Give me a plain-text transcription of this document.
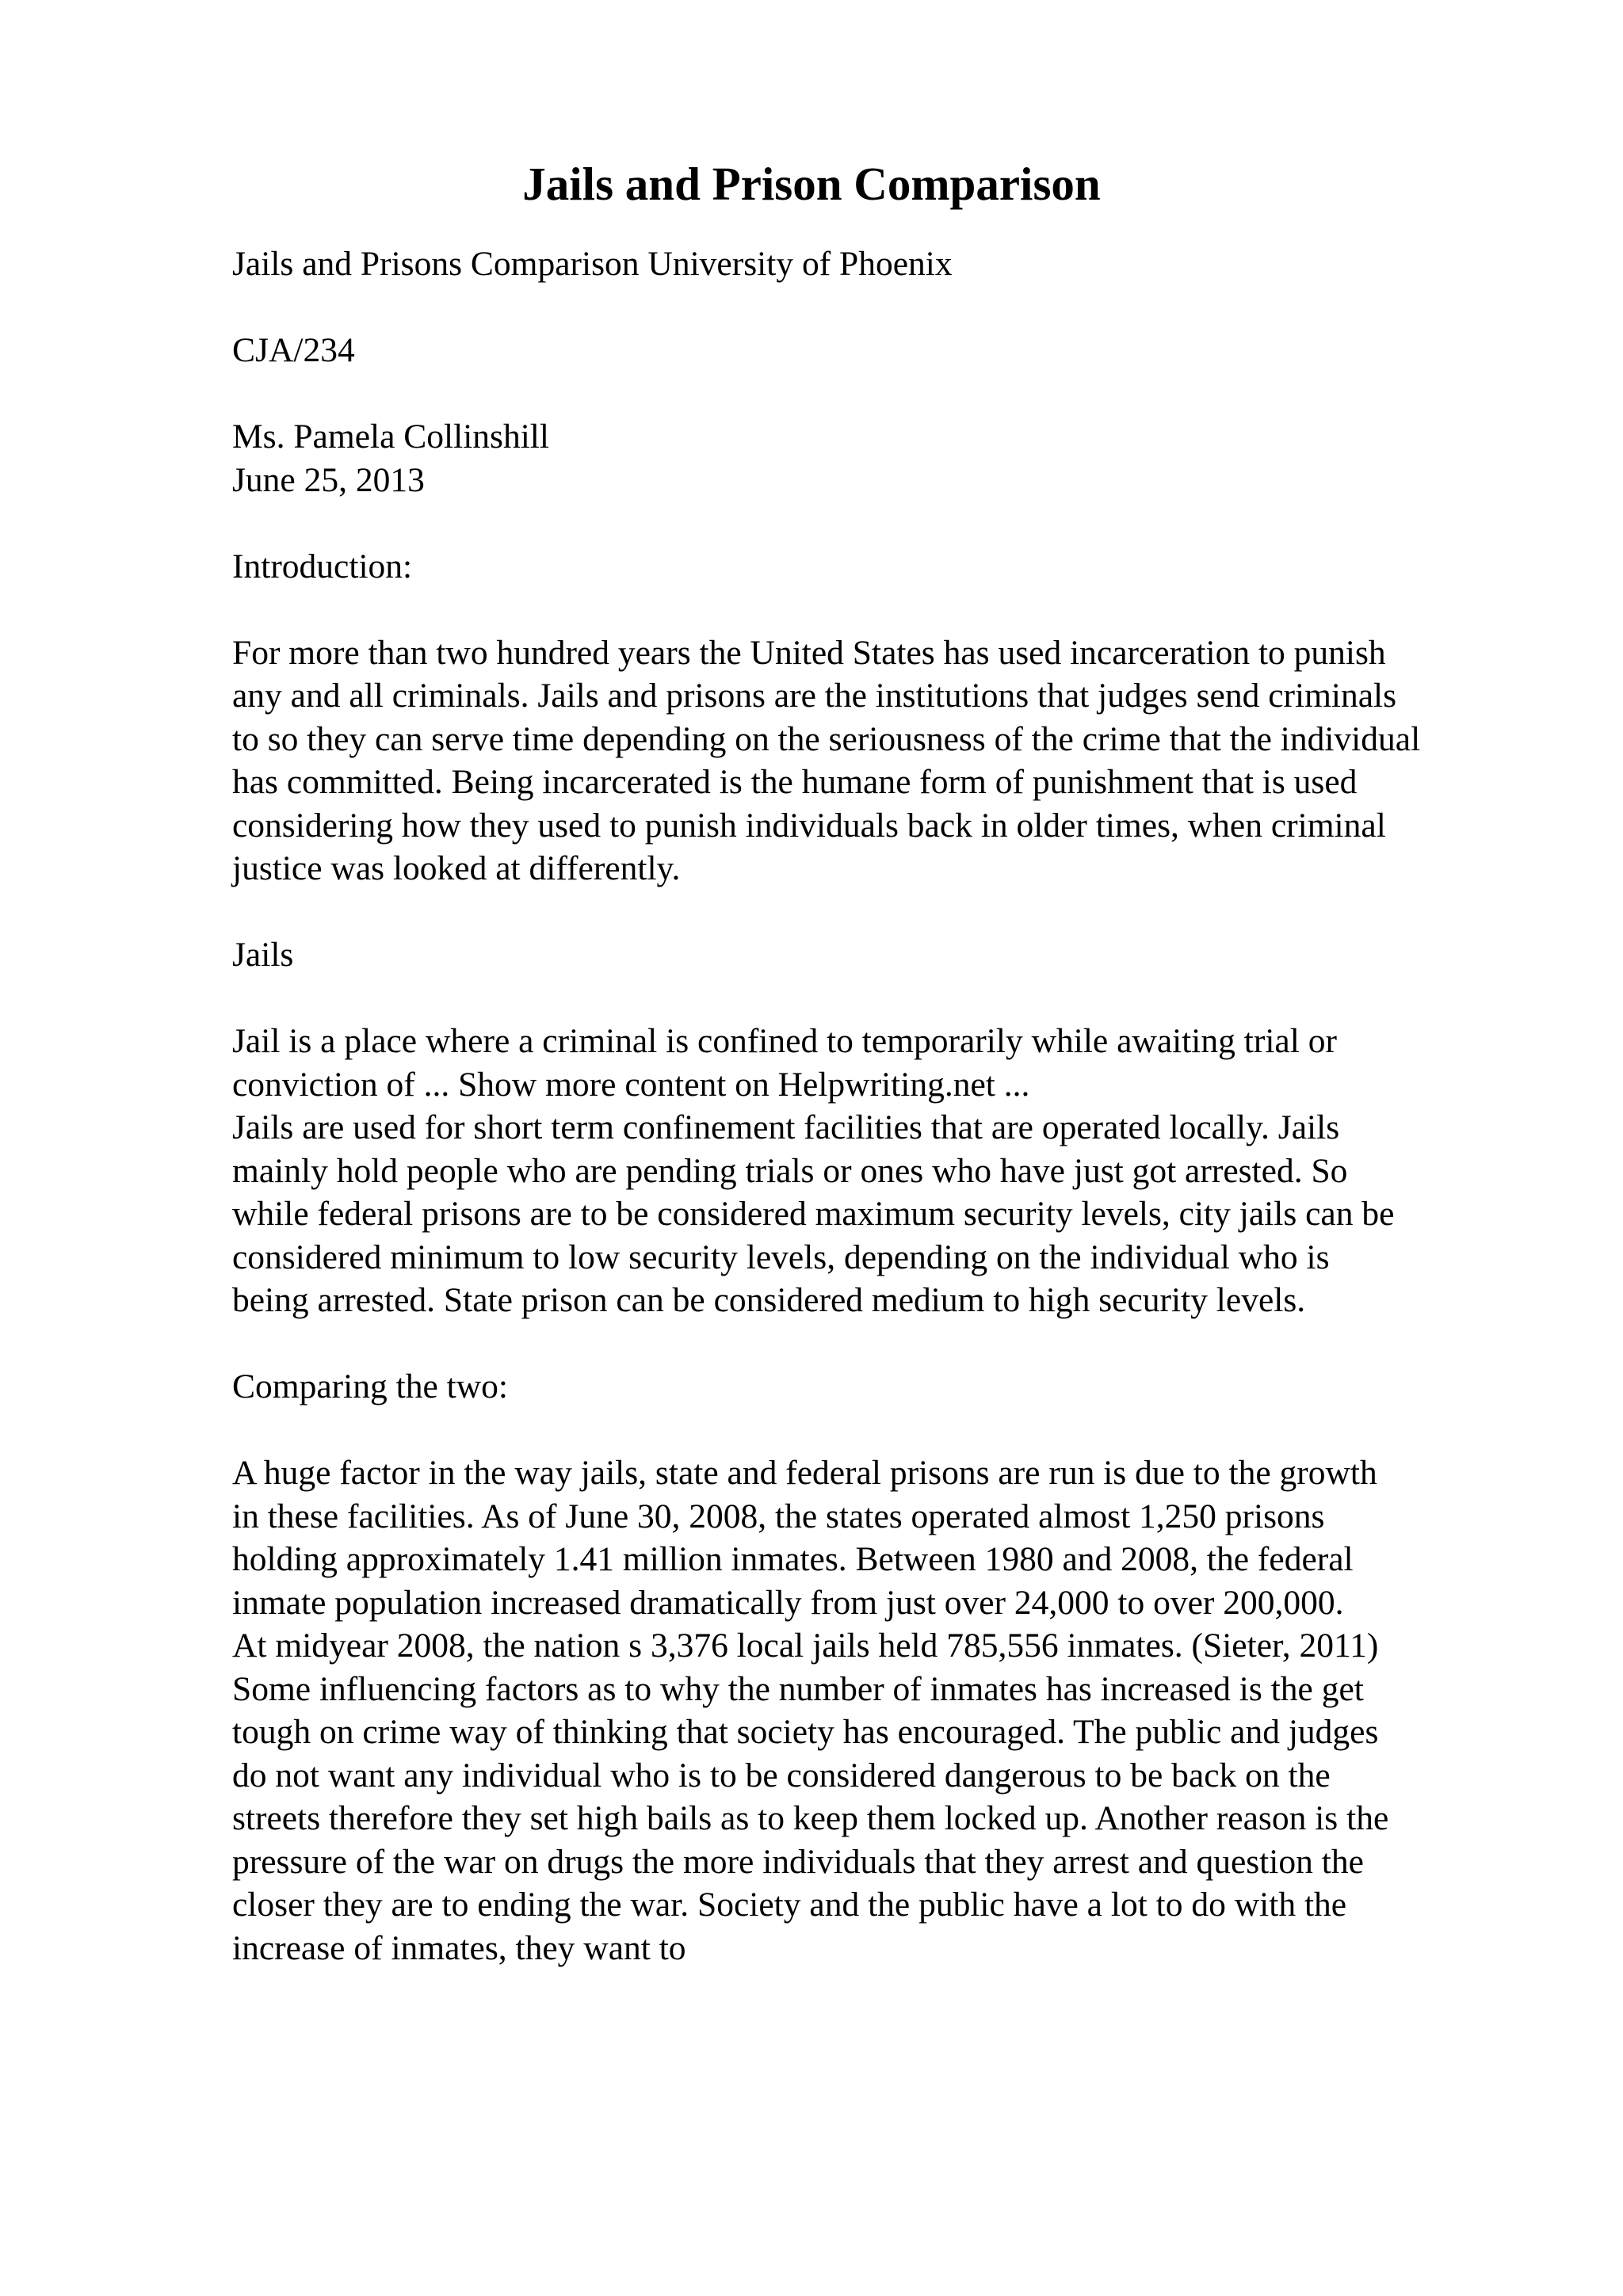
Jails and Prison Comparison

Jails and Prisons Comparison University of Phoenix

CJA/234

Ms. Pamela Collinshill

June 25, 2013

Introduction:

For more than two hundred years the United States has used incarceration to punish
any and all criminals. Jails and prisons are the institutions that judges send criminals
to so they can serve time depending on the seriousness of the crime that the individual
has committed. Being incarcerated is the humane form of punishment that is used
considering how they used to punish individuals back in older times, when criminal
justice was looked at differently.

Jails

Jail is a place where a criminal is confined to temporarily while awaiting trial or
conviction of ... Show more content on Helpwriting.net ...

Jails are used for short term confinement facilities that are operated locally. Jails
mainly hold people who are pending trials or ones who have just got arrested. So
while federal prisons are to be considered maximum security levels, city jails can be
considered minimum to low security levels, depending on the individual who is
being arrested. State prison can be considered medium to high security levels.

Comparing the two:

A huge factor in the way jails, state and federal prisons are run is due to the growth
in these facilities. As of June 30, 2008, the states operated almost 1,250 prisons
holding approximately 1.41 million inmates. Between 1980 and 2008, the federal
inmate population increased dramatically from just over 24,000 to over 200,000.
At midyear 2008, the nation s 3,376 local jails held 785,556 inmates. (Sieter, 2011)
Some influencing factors as to why the number of inmates has increased is the get
tough on crime way of thinking that society has encouraged. The public and judges
do not want any individual who is to be considered dangerous to be back on the
streets therefore they set high bails as to keep them locked up. Another reason is the
pressure of the war on drugs the more individuals that they arrest and question the
closer they are to ending the war. Society and the public have a lot to do with the
increase of inmates, they want to
